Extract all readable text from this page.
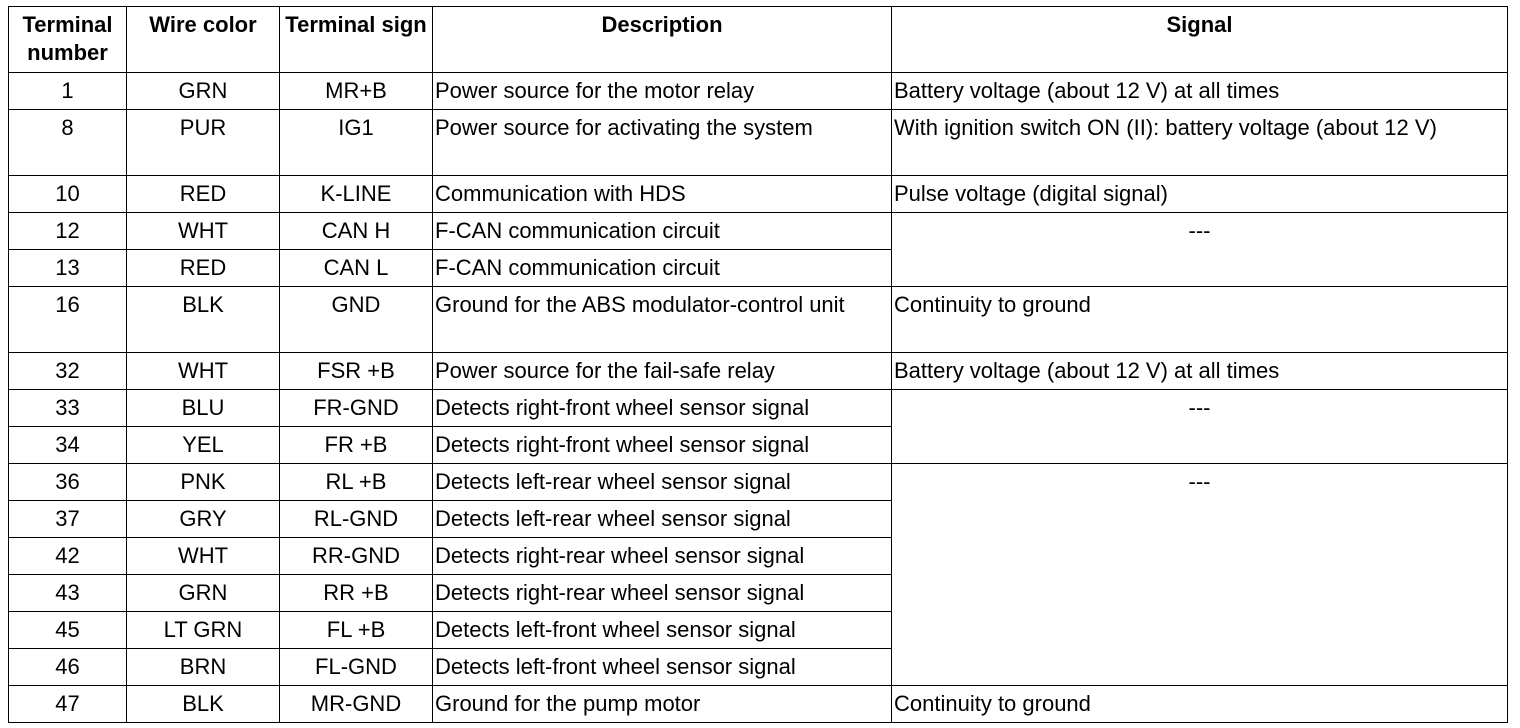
Terminal number	Wire color	Terminal sign	Description	Signal
1	GRN	MR+B	Power source for the motor relay	Battery voltage (about 12 V) at all times
8	PUR	IG1	Power source for activating the system	With ignition switch ON (II): battery voltage (about 12 V)
10	RED	K-LINE	Communication with HDS	Pulse voltage (digital signal)
12	WHT	CAN H	F-CAN communication circuit	---
13	RED	CAN L	F-CAN communication circuit	
16	BLK	GND	Ground for the ABS modulator-control unit	Continuity to ground
32	WHT	FSR +B	Power source for the fail-safe relay	Battery voltage (about 12 V) at all times
33	BLU	FR-GND	Detects right-front wheel sensor signal	---
34	YEL	FR +B	Detects right-front wheel sensor signal	
36	PNK	RL +B	Detects left-rear wheel sensor signal	---
37	GRY	RL-GND	Detects left-rear wheel sensor signal	
42	WHT	RR-GND	Detects right-rear wheel sensor signal	
43	GRN	RR +B	Detects right-rear wheel sensor signal	
45	LT GRN	FL +B	Detects left-front wheel sensor signal	
46	BRN	FL-GND	Detects left-front wheel sensor signal	
47	BLK	MR-GND	Ground for the pump motor	Continuity to ground
